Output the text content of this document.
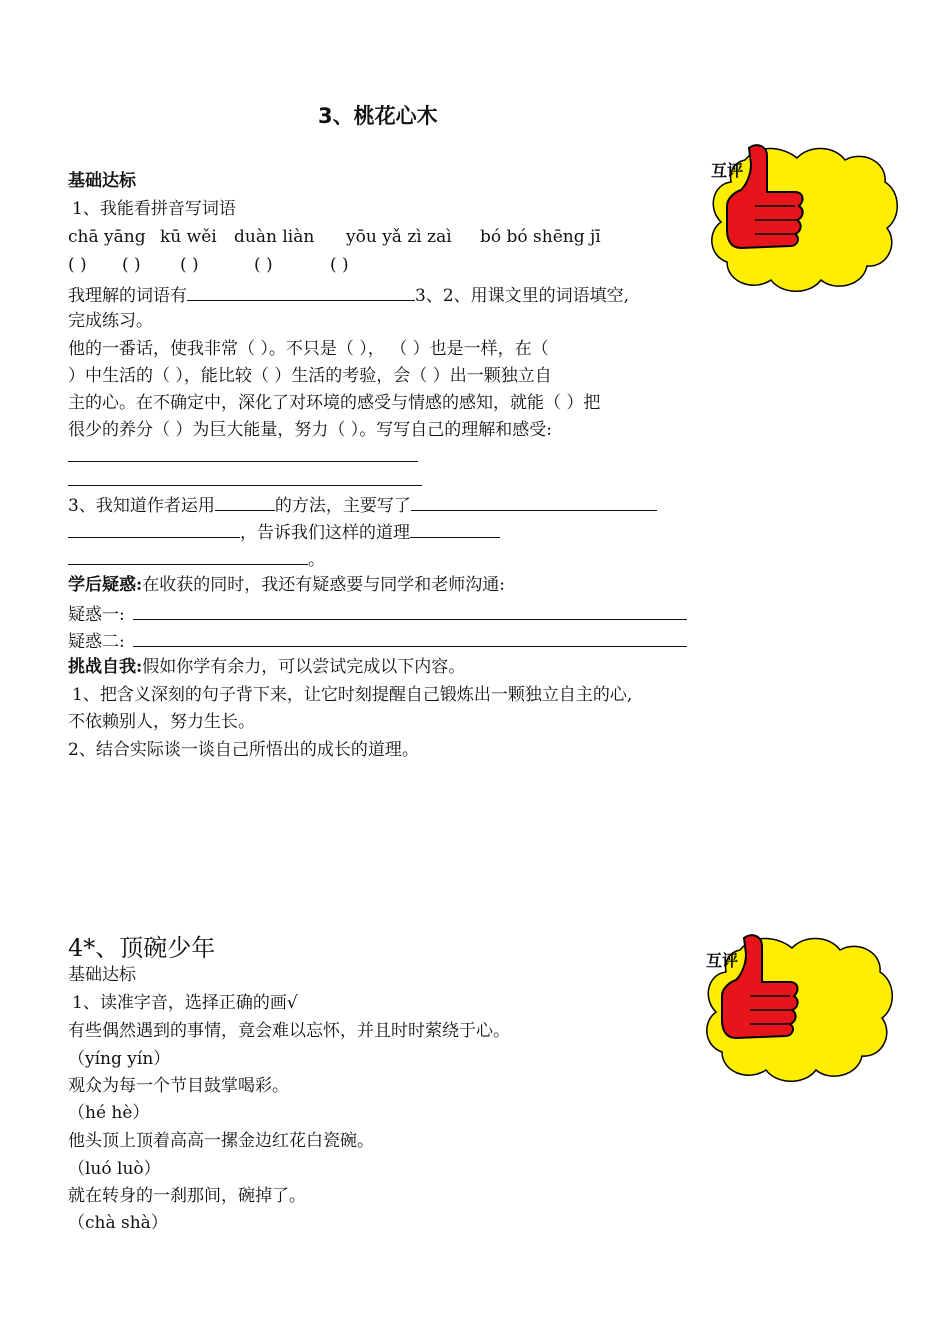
3、桃花心木
互评
基础达标
1、我能看拼音写词语
chā yāng kū wěi duàn liàn yōu yǎ zì zaì bó bó shēng jī
( ) ( ) ( )	( )	( )
我理解的词语有	3、2、用课文里的词语填空,
完成练习。
他的一番话，使我非常（ ）。不只是（ ）， （ ）也是一样，在（
）中生活的（ ），能比较（ ）生活的考验，会（ ）出一颗独立自
主的心。在不确定中，深化了对环境的感受与情感的感知，就能（ ）把
很少的养分（ ）为巨大能量，努力（ ）。写写自己的理解和感受:
3、我知道作者运用	的方法，主要写了
，告诉我们这样的道理
。
学后疑惑:在收获的同时，我还有疑惑要与同学和老师沟通:
疑惑一:
疑惑二:
挑战自我:假如你学有余力，可以尝试完成以下内容。
1、把含义深刻的句子背下来，让它时刻提醒自己锻炼出一颗独立自主的心,
不依赖别人，努力生长。
2、结合实际谈一谈自己所悟出的成长的道理。
4*、顶碗少年	互评
基础达标
1、读准字音，选择正确的画√
有些偶然遇到的事情，竟会难以忘怀，并且时时萦绕于心。
（yíng yín）
观众为每一个节目鼓掌喝彩。
（hé hè）
他头顶上顶着高高一摞金边红花白瓷碗。
（luó luò）
就在转身的一刹那间，碗掉了。
（chà shà）
